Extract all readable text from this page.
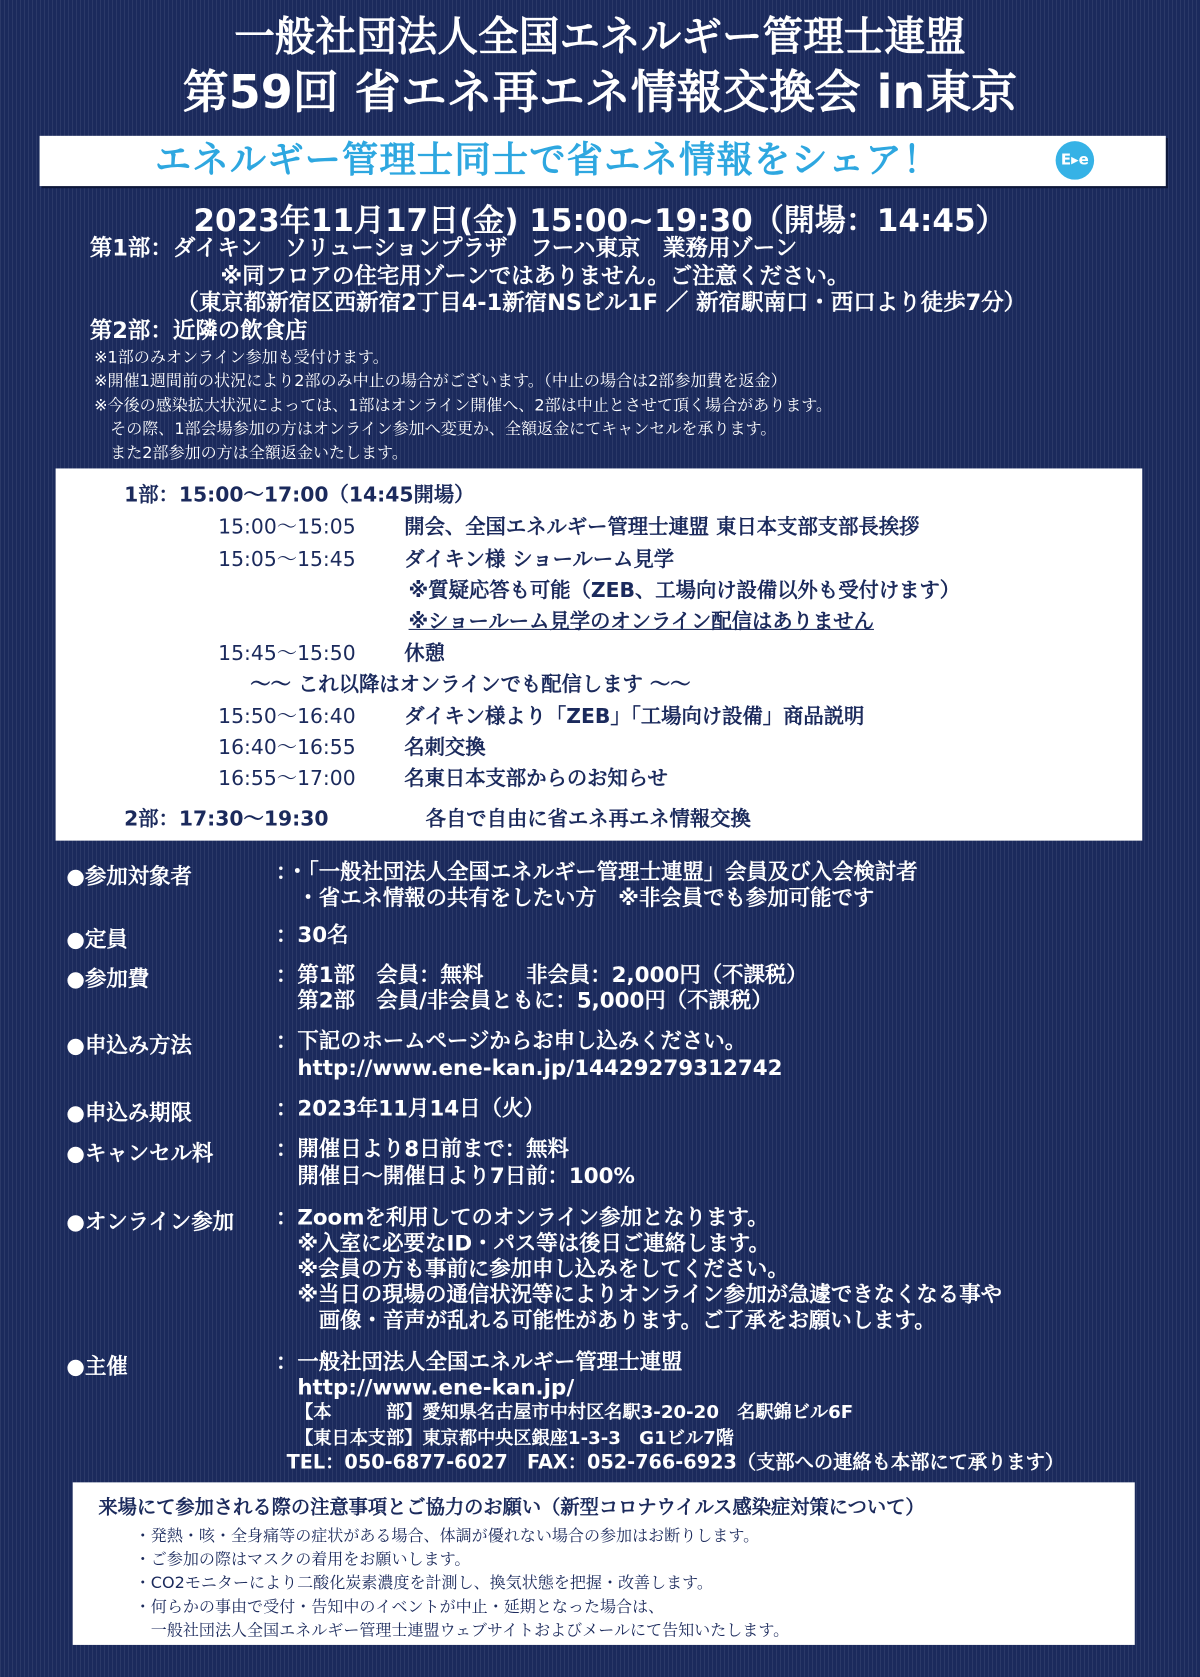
一般社団法人全国エネルギー管理士連盟
第59回 省エネ再エネ情報交換会 in東京
エネルギー管理士同士で省エネ情報をシェア！	E▸e
2023年11月17日(金) 15:00~19:30（開場：14:45）
第1部：ダイキン　ソリューションプラザ　フーハ東京　業務用ゾーン
※同フロアの住宅用ゾーンではありません。ご注意ください。
（東京都新宿区西新宿2丁目4-1新宿NSビル1F ／ 新宿駅南口・西口より徒歩7分）
第2部：近隣の飲食店
※1部のみオンライン参加も受付けます。
※開催1週間前の状況により2部のみ中止の場合がございます。（中止の場合は2部参加費を返金）
※今後の感染拡大状況によっては、1部はオンライン開催へ、2部は中止とさせて頂く場合があります。
　その際、1部会場参加の方はオンライン参加へ変更か、全額返金にてキャンセルを承ります。
　また2部参加の方は全額返金いたします。
1部：15:00～17:00（14:45開場）
15:00～15:05	開会、全国エネルギー管理士連盟 東日本支部支部長挨拶
15:05～15:45	ダイキン様 ショールーム見学
※質疑応答も可能（ZEB、工場向け設備以外も受付けます）
※ショールーム見学のオンライン配信はありません
15:45～15:50	休憩
～～ これ以降はオンラインでも配信します ～～
15:50～16:40	ダイキン様より「ZEB」「工場向け設備」商品説明
16:40～16:55	名刺交換
16:55～17:00	名東日本支部からのお知らせ
2部：17:30～19:30	各自で自由に省エネ再エネ情報交換
●参加対象者	：・「一般社団法人全国エネルギー管理士連盟」会員及び入会検討者
　・省エネ情報の共有をしたい方　※非会員でも参加可能です
●定員	：30名
●参加費	：第1部　会員：無料　　非会員：2,000円（不課税）
　第2部　会員/非会員ともに：5,000円（不課税）
●申込み方法	：下記のホームページからお申し込みください。
　http://www.ene-kan.jp/14429279312742
●申込み期限	：2023年11月14日（火）
●キャンセル料	：開催日より8日前まで：無料
　開催日～開催日より7日前：100%
●オンライン参加 ：Zoomを利用してのオンライン参加となります。
　※入室に必要なID・パス等は後日ご連絡します。
　※会員の方も事前に参加申し込みをしてください。
　※当日の現場の通信状況等によりオンライン参加が急遽できなくなる事や
　　画像・音声が乱れる可能性があります。ご了承をお願いします。
●主催	：一般社団法人全国エネルギー管理士連盟
　http://www.ene-kan.jp/
【本　　　部】愛知県名古屋市中村区名駅3-20-20　名駅錦ビル6F
【東日本支部】東京都中央区銀座1-3-3　G1ビル7階
TEL：050-6877-6027　FAX：052-766-6923（支部への連絡も本部にて承ります）
来場にて参加される際の注意事項とご協力のお願い（新型コロナウイルス感染症対策について）
・発熱・咳・全身痛等の症状がある場合、体調が優れない場合の参加はお断りします。
・ご参加の際はマスクの着用をお願いします。
・CO2モニターにより二酸化炭素濃度を計測し、換気状態を把握・改善します。
・何らかの事由で受付・告知中のイベントが中止・延期となった場合は、
　一般社団法人全国エネルギー管理士連盟ウェブサイトおよびメールにて告知いたします。
